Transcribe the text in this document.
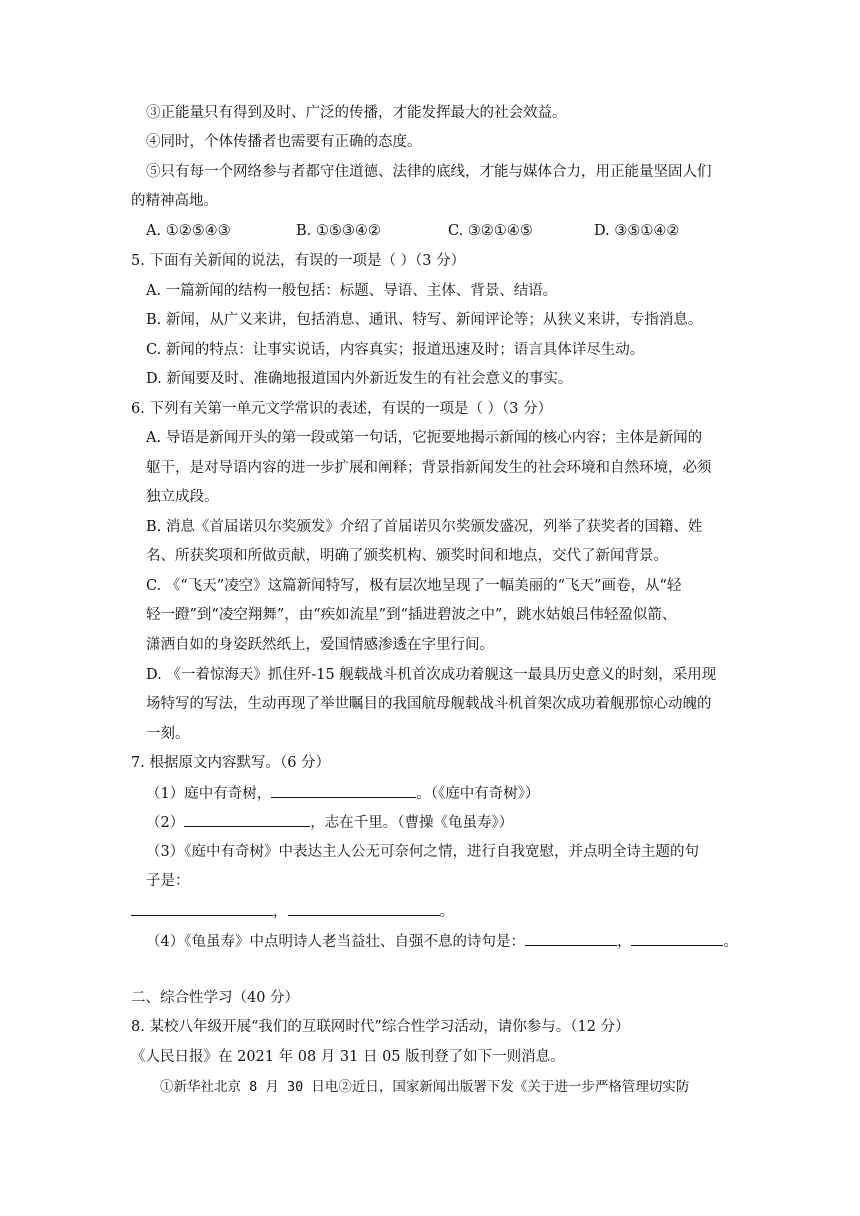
③正能量只有得到及时、广泛的传播，才能发挥最大的社会效益。
④同时，个体传播者也需要有正确的态度。
⑤只有每一个网络参与者都守住道德、法律的底线，才能与媒体合力，用正能量坚固人们
的精神高地。
A. ①②⑤④③	B. ①⑤③④②	C. ③②①④⑤	D. ③⑤①④②
5. 下面有关新闻的说法，有误的一项是（ ）（3 分）
A. 一篇新闻的结构一般包括：标题、导语、主体、背景、结语。
B. 新闻，从广义来讲，包括消息、通讯、特写、新闻评论等；从狭义来讲，专指消息。
C. 新闻的特点：让事实说话，内容真实；报道迅速及时；语言具体详尽生动。
D. 新闻要及时、准确地报道国内外新近发生的有社会意义的事实。
6. 下列有关第一单元文学常识的表述，有误的一项是（ ）（3 分）
A. 导语是新闻开头的第一段或第一句话，它扼要地揭示新闻的核心内容；主体是新闻的
躯干，是对导语内容的进一步扩展和阐释；背景指新闻发生的社会环境和自然环境，必须
独立成段。
B. 消息《首届诺贝尔奖颁发》介绍了首届诺贝尔奖颁发盛况，列举了获奖者的国籍、姓
名、所获奖项和所做贡献，明确了颁奖机构、颁奖时间和地点，交代了新闻背景。
C. 《“飞天”凌空》这篇新闻特写，极有层次地呈现了一幅美丽的“飞天”画卷，从“轻
轻一蹬”到“凌空翔舞”，由“疾如流星”到“插进碧波之中”，跳水姑娘吕伟轻盈似箭、
潇洒自如的身姿跃然纸上，爱国情感渗透在字里行间。
D. 《一着惊海天》抓住歼-15 舰载战斗机首次成功着舰这一最具历史意义的时刻，采用现
场特写的写法，生动再现了举世瞩目的我国航母舰载战斗机首架次成功着舰那惊心动魄的
一刻。
7. 根据原文内容默写。（6 分）
（1）庭中有奇树，	。（《庭中有奇树》）
（2）	，志在千里。（曹操《龟虽寿》）
（3）《庭中有奇树》中表达主人公无可奈何之情，进行自我宽慰，并点明全诗主题的句
子是：
，	。
（4）《龟虽寿》中点明诗人老当益壮、自强不息的诗句是：	，	。
二、综合性学习（40 分）
8. 某校八年级开展“我们的互联网时代”综合性学习活动，请你参与。（12 分）
《人民日报》在 2021 年 08 月 31 日 05 版刊登了如下一则消息。
①新华社北京 8 月 30 日电②近日，国家新闻出版署下发《关于进一步严格管理切实防
